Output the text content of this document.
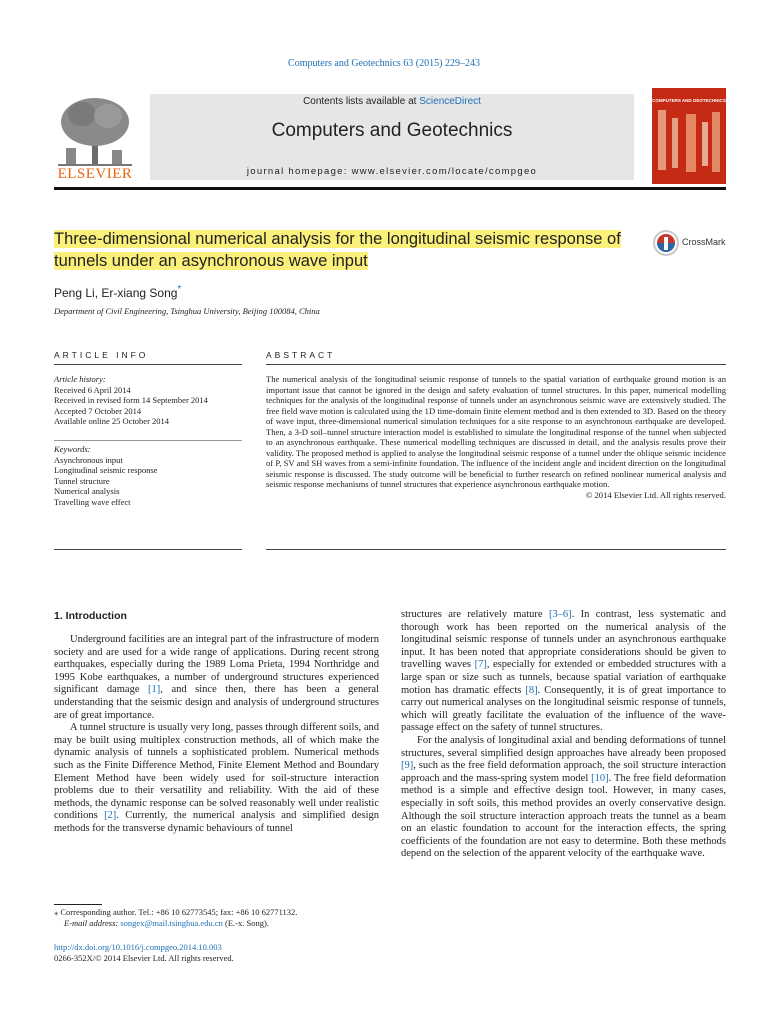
Computers and Geotechnics 63 (2015) 229–243
ELSEVIER
Contents lists available at ScienceDirect
Computers and Geotechnics
journal homepage: www.elsevier.com/locate/compgeo
COMPUTERS AND GEOTECHNICS
Three-dimensional numerical analysis for the longitudinal seismic response of tunnels under an asynchronous wave input
CrossMark
Peng Li, Er-xiang Song*
Department of Civil Engineering, Tsinghua University, Beijing 100084, China
ARTICLE INFO	ABSTRACT
Article history:
Received 6 April 2014
Received in revised form 14 September 2014
Accepted 7 October 2014
Available online 25 October 2014
Keywords:
Asynchronous input
Longitudinal seismic response
Tunnel structure
Numerical analysis
Travelling wave effect
The numerical analysis of the longitudinal seismic response of tunnels to the spatial variation of earthquake ground motion is an important issue that cannot be ignored in the design and safety evaluation of tunnel structures. In this paper, numerical modelling techniques for the analysis of the longitudinal response of tunnels under an asynchronous seismic wave are extensively studied. The free field wave motion is calculated using the 1D time-domain finite element method and is then extended to 3D. Based on the theory of wave input, three-dimensional numerical simulation techniques for a site response to an asynchronous earthquake are developed. Then, a 3-D soil–tunnel structure interaction model is established to simulate the longitudinal response of the tunnel when subjected to an asynchronous earthquake. These numerical modelling techniques are discussed in detail, and the analysis results prove their validity. The proposed method is applied to analyse the longitudinal seismic response of a tunnel under the oblique seismic incidence of P, SV and SH waves from a semi-infinite foundation. The influence of the incident angle and incident direction on the longitudinal seismic response is discussed. The study outcome will be beneficial to further research on refined nonlinear numerical analysis and seismic response mechanisms of tunnel structures that experience asynchronous earthquake motion.
© 2014 Elsevier Ltd. All rights reserved.
1. Introduction

Underground facilities are an integral part of the infrastructure of modern society and are used for a wide range of applications. During recent strong earthquakes, especially during the 1989 Loma Prieta, 1994 Northridge and 1995 Kobe earthquakes, a number of underground structures experienced significant damage [1], and since then, there has been a general understanding that the seismic design and analysis of underground structures are of great importance.

A tunnel structure is usually very long, passes through different soils, and may be built using multiplex construction methods, all of which make the dynamic analysis of tunnels a sophisticated problem. Numerical methods such as the Finite Difference Method, Finite Element Method and Boundary Element Method have been widely used for soil-structure interaction problems due to their versatility and reliability. With the aid of these methods, the dynamic response can be solved reasonably well under realistic conditions [2]. Currently, the numerical analysis and simplified design methods for the transverse dynamic behaviours of tunnel

structures are relatively mature [3–6]. In contrast, less systematic and thorough work has been reported on the numerical analysis of the longitudinal seismic response of tunnels under an asynchronous earthquake input. It has been noted that appropriate considerations should be given to travelling waves [7], especially for extended or embedded structures with a large span or size such as tunnels, because spatial variation of earthquake motion has dramatic effects [8]. Consequently, it is of great importance to carry out numerical analyses on the longitudinal seismic response of tunnels, which will greatly facilitate the evaluation of the influence of the wave-passage effect on the safety of tunnel structures.

For the analysis of longitudinal axial and bending deformations of tunnel structures, several simplified design approaches have already been proposed [9], such as the free field deformation approach, the soil structure interaction approach and the mass-spring system model [10]. The free field deformation method is a simple and effective design tool. However, in many cases, especially in soft soils, this method provides an overly conservative design. Although the soil structure interaction approach treats the tunnel as a beam on an elastic foundation to account for the interaction effects, the spring coefficients of the foundation are not easy to determine. Both these methods depend on the selection of the apparent velocity of the earthquake wave.

⁎ Corresponding author. Tel.: +86 10 62773545; fax: +86 10 62771132.
E-mail address: songex@mail.tsinghua.edu.cn (E.-x. Song).
http://dx.doi.org/10.1016/j.compgeo.2014.10.003
0266-352X/© 2014 Elsevier Ltd. All rights reserved.
